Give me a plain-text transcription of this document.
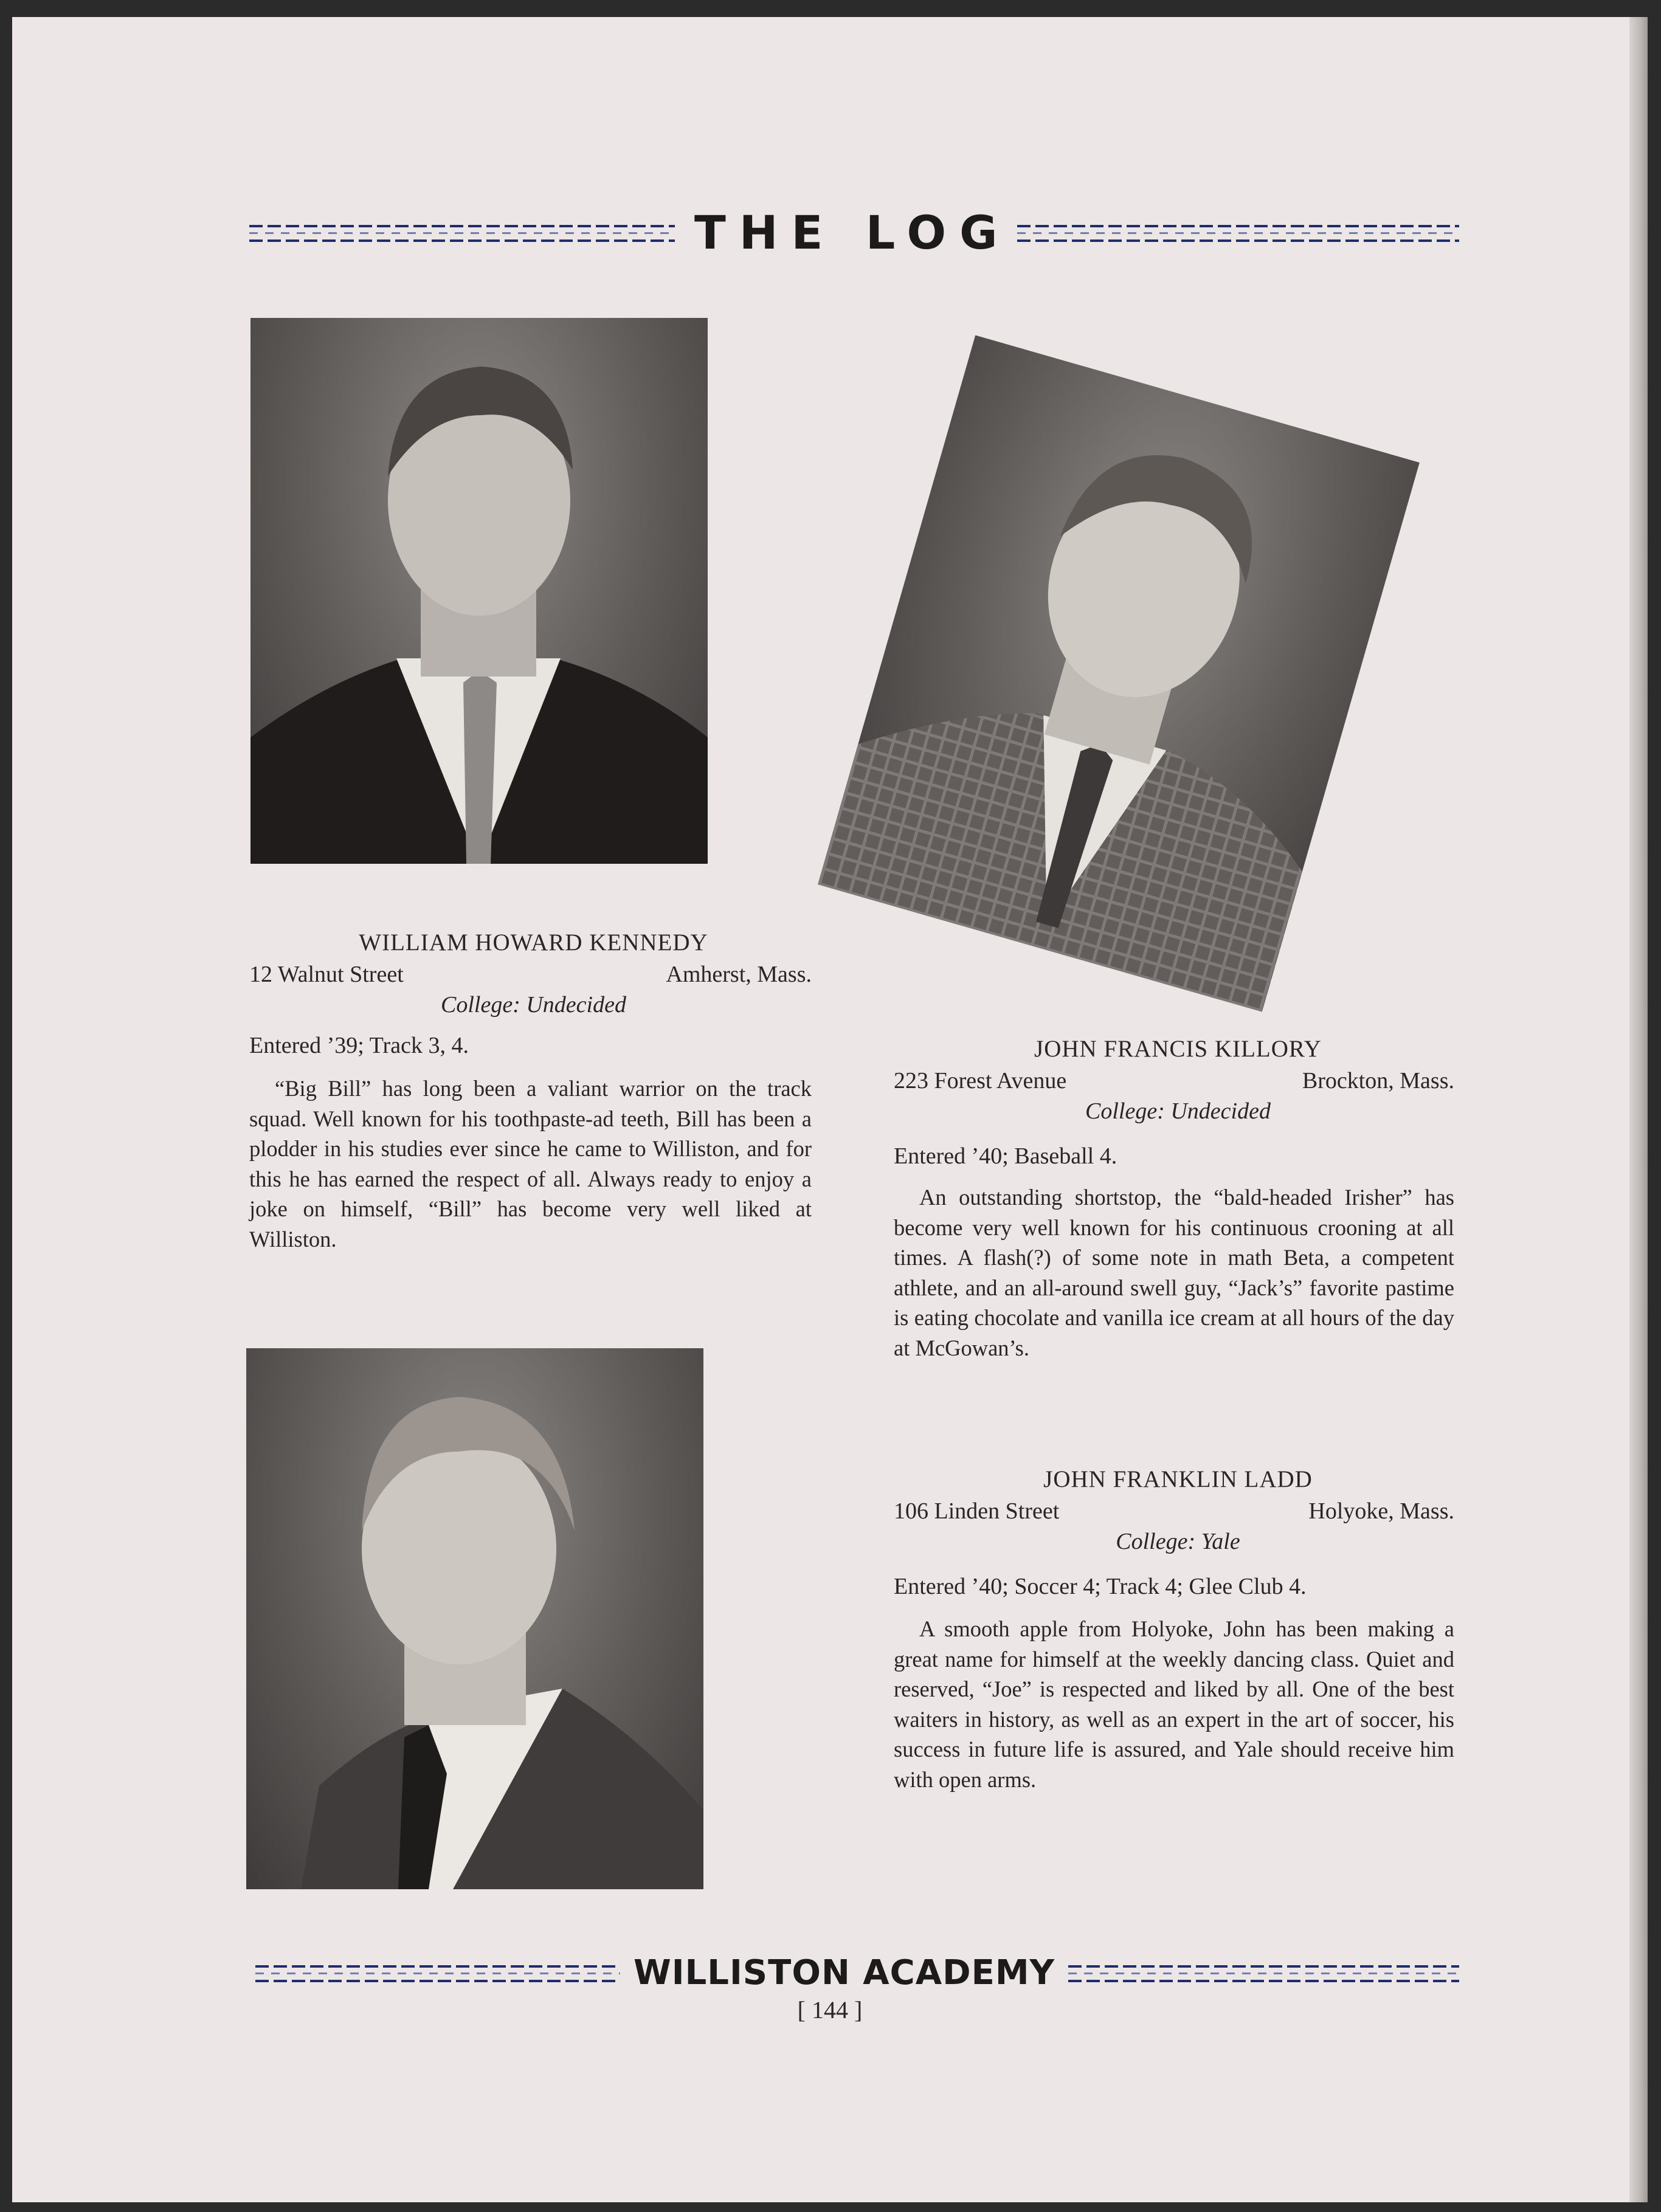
THE LOG
WILLIAM HOWARD KENNEDY
12 Walnut Street	Amherst, Mass.
College: Undecided
Entered ’39; Track 3, 4.

“Big Bill” has long been a valiant warrior on the track squad. Well known for his toothpaste-ad teeth, Bill has been a plodder in his studies ever since he came to Williston, and for this he has earned the respect of all. Always ready to enjoy a joke on himself, “Bill” has become very well liked at Williston.

JOHN FRANCIS KILLORY
223 Forest Avenue	Brockton, Mass.
College: Undecided
Entered ’40; Baseball 4.

An outstanding shortstop, the “bald-headed Irisher” has become very well known for his continuous crooning at all times. A flash(?) of some note in math Beta, a competent athlete, and an all-around swell guy, “Jack’s” favorite pastime is eating chocolate and vanilla ice cream at all hours of the day at McGowan’s.

JOHN FRANKLIN LADD
106 Linden Street	Holyoke, Mass.
College: Yale
Entered ’40; Soccer 4; Track 4; Glee Club 4.

A smooth apple from Holyoke, John has been making a great name for himself at the weekly dancing class. Quiet and reserved, “Joe” is respected and liked by all. One of the best waiters in history, as well as an expert in the art of soccer, his success in future life is assured, and Yale should receive him with open arms.

WILLISTON ACADEMY
[ 144 ]
